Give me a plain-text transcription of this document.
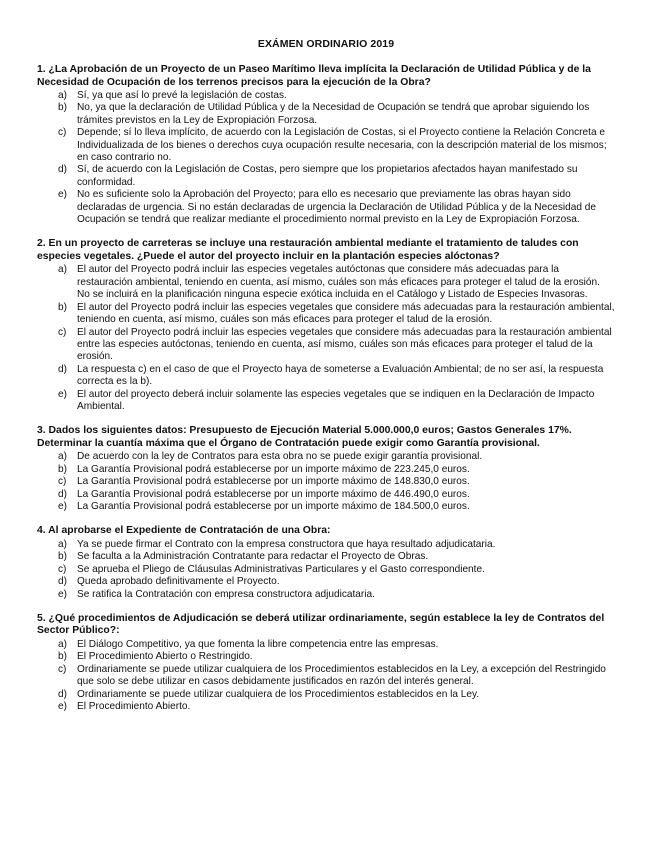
EXÁMEN ORDINARIO 2019
1. ¿La Aprobación de un Proyecto de un Paseo Marítimo lleva implícita la Declaración de Utilidad Pública y de la Necesidad de Ocupación de los terrenos precisos para la ejecución de la Obra?
a) Sí, ya que así lo prevé la legislación de costas.
b) No, ya que la declaración de Utilidad Pública y de la Necesidad de Ocupación se tendrá que aprobar siguiendo los trámites previstos en la Ley de Expropiación Forzosa.
c) Depende; sí lo lleva implícito, de acuerdo con la Legislación de Costas, si el Proyecto contiene la Relación Concreta e Individualizada de los bienes o derechos cuya ocupación resulte necesaria, con la descripción material de los mismos; en caso contrario no.
d) Sí, de acuerdo con la Legislación de Costas, pero siempre que los propietarios afectados hayan manifestado su conformidad.
e) No es suficiente solo la Aprobación del Proyecto; para ello es necesario que previamente las obras hayan sido declaradas de urgencia. Si no están declaradas de urgencia la Declaración de Utilidad Pública y de la Necesidad de Ocupación se tendrá que realizar mediante el procedimiento normal previsto en la Ley de Expropiación Forzosa.
2. En un proyecto de carreteras se incluye una restauración ambiental mediante el tratamiento de taludes con especies vegetales. ¿Puede el autor del proyecto incluir en la plantación especies alóctonas?
a) El autor del Proyecto podrá incluir las especies vegetales autóctonas que considere más adecuadas para la restauración ambiental, teniendo en cuenta, así mismo, cuáles son más eficaces para proteger el talud de la erosión. No se incluirá en la planificación ninguna especie exótica incluida en el Catálogo y Listado de Especies Invasoras.
b) El autor del Proyecto podrá incluir las especies vegetales que considere más adecuadas para la restauración ambiental, teniendo en cuenta, así mismo, cuáles son más eficaces para proteger el talud de la erosión.
c) El autor del Proyecto podrá incluir las especies vegetales que considere más adecuadas para la restauración ambiental entre las especies autóctonas, teniendo en cuenta, así mismo, cuáles son más eficaces para proteger el talud de la erosión.
d) La respuesta c) en el caso de que el Proyecto haya de someterse a Evaluación Ambiental; de no ser así, la respuesta correcta es la b).
e) El autor del proyecto deberá incluir solamente las especies vegetales que se indiquen en la Declaración de Impacto Ambiental.
3. Dados los siguientes datos: Presupuesto de Ejecución Material 5.000.000,0 euros; Gastos Generales 17%. Determinar la cuantía máxima que el Órgano de Contratación puede exigir como Garantía provisional.
a) De acuerdo con la ley de Contratos para esta obra no se puede exigir garantía provisional.
b) La Garantía Provisional podrá establecerse por un importe máximo de 223.245,0 euros.
c) La Garantía Provisional podrá establecerse por un importe máximo de 148.830,0 euros.
d) La Garantía Provisional podrá establecerse por un importe máximo de 446.490,0 euros.
e) La Garantía Provisional podrá establecerse por un importe máximo de 184.500,0 euros.
4. Al aprobarse el Expediente de Contratación de una Obra:
a) Ya se puede firmar el Contrato con la empresa constructora que haya resultado adjudicataria.
b) Se faculta a la Administración Contratante para redactar el Proyecto de Obras.
c) Se aprueba el Pliego de Cláusulas Administrativas Particulares y el Gasto correspondiente.
d) Queda aprobado definitivamente el Proyecto.
e) Se ratifica la Contratación con empresa constructora adjudicataria.
5. ¿Qué procedimientos de Adjudicación se deberá utilizar ordinariamente, según establece la ley de Contratos del Sector Público?:
a) El Diálogo Competitivo, ya que fomenta la libre competencia entre las empresas.
b) El Procedimiento Abierto o Restringido.
c) Ordinariamente se puede utilizar cualquiera de los Procedimientos establecidos en la Ley, a excepción del Restringido que solo se debe utilizar en casos debidamente justificados en razón del interés general.
d) Ordinariamente se puede utilizar cualquiera de los Procedimientos establecidos en la Ley.
e) El Procedimiento Abierto.
